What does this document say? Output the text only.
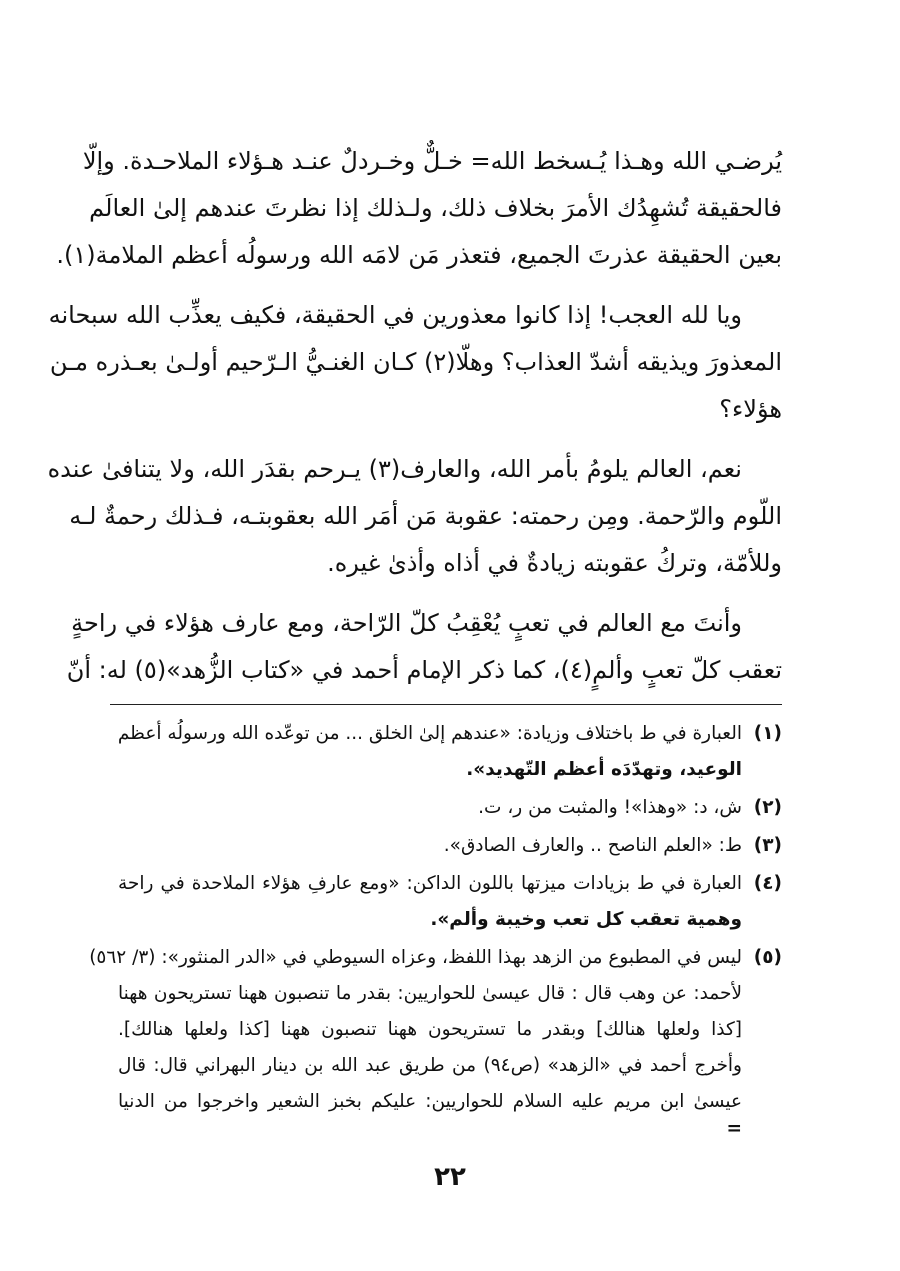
يُرضـي الله وهـذا يُـسخط الله= خـلٌّ وخـردلٌ عنـد هـؤلاء الملاحـدة. وإلّا
فالحقيقة تُشهِدُك الأمرَ بخلاف ذلك، ولـذلك إذا نظرتَ عندهم إلىٰ العالَم
بعين الحقيقة عذرتَ الجميع، فتعذر مَن لامَه الله ورسولُه أعظم الملامة(١).

ويا لله العجب! إذا كانوا معذورين في الحقيقة، فكيف يعذِّب الله سبحانه
المعذورَ ويذيقه أشدّ العذاب؟ وهلّا(٢) كـان الغنـيُّ الـرّحيم أولـىٰ بعـذره مـن
هؤلاء؟

نعم، العالم يلومُ بأمر الله، والعارف(٣) يـرحم بقدَر الله، ولا يتنافىٰ عنده
اللّوم والرّحمة. ومِن رحمته: عقوبة مَن أمَر الله بعقوبتـه، فـذلك رحمةٌ لـه
وللأمّة، وتركُ عقوبته زيادةٌ في أذاه وأذىٰ غيره.

وأنتَ مع العالم في تعبٍ يُعْقِبُ كلّ الرّاحة، ومع عارف هؤلاء في راحةٍ
تعقب كلّ تعبٍ وألمٍ(٤)، كما ذكر الإمام أحمد في «كتاب الزُّهد»(٥) له: أنّ

(١)
العبارة في ط باختلاف وزيادة: «عندهم إلىٰ الخلق ... من توعّده الله ورسولُه أعظم
الوعيد، وتهدّدَه أعظم التّهديد».
(٢)
ش، د: «وهذا»! والمثبت من ر، ت.
(٣)
ط: «العلم الناصح .. والعارف الصادق».
(٤)
العبارة في ط بزيادات ميزتها باللون الداكن: «ومع عارفِ هؤلاء الملاحدة في راحة
وهمية تعقب كل تعب وخيبة وألم».
(٥)
ليس في المطبوع من الزهد بهذا اللفظ، وعزاه السيوطي في «الدر المنثور»: (٣/ ٥٦٢)
لأحمد: عن وهب قال : قال عيسىٰ للحواريين: بقدر ما تنصبون ههنا تستريحون ههنا
[كذا ولعلها هنالك] وبقدر ما تستريحون ههنا تنصبون ههنا [كذا ولعلها هنالك].
وأخرج أحمد في «الزهد» (ص٩٤) من طريق عبد الله بن دينار البهراني قال: قال
عيسىٰ ابن مريم عليه السلام للحواريين: عليكم بخبز الشعير واخرجوا من الدنيا
=
٢٢
